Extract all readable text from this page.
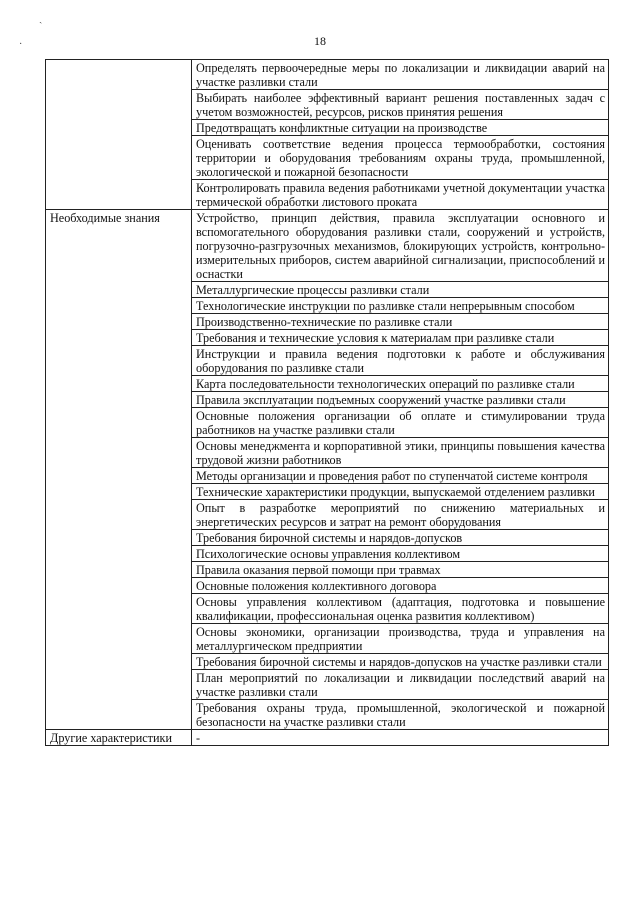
18
ˏ
·
	Определять первоочередные меры по локализации и ликвидации аварий на участке разливки стали
	Выбирать наиболее эффективный вариант решения поставленных задач с учетом возможностей, ресурсов, рисков принятия решения
	Предотвращать конфликтные ситуации на производстве
	Оценивать соответствие ведения процесса термообработки, состояния территории и оборудования требованиям охраны труда, промышленной, экологической и пожарной безопасности
	Контролировать правила ведения работниками учетной документации участка термической обработки листового проката
Необходимые знания	Устройство, принцип действия, правила эксплуатации основного и вспомогательного оборудования разливки стали, сооружений и устройств, погрузочно-разгрузочных механизмов, блокирующих устройств, контрольно-измерительных приборов, систем аварийной сигнализации, приспособлений и оснастки
	Металлургические процессы разливки стали
	Технологические инструкции по разливке стали непрерывным способом
	Производственно-технические по разливке стали
	Требования и технические условия к материалам при разливке стали
	Инструкции и правила ведения подготовки к работе и обслуживания оборудования по разливке стали
	Карта последовательности технологических операций по разливке стали
	Правила эксплуатации подъемных сооружений участке разливки стали
	Основные положения организации об оплате и стимулировании труда работников на участке разливки стали
	Основы менеджмента и корпоративной этики, принципы повышения качества трудовой жизни работников
	Методы организации и проведения работ по ступенчатой системе контроля
	Технические характеристики продукции, выпускаемой отделением разливки
	Опыт в разработке мероприятий по снижению материальных и энергетических ресурсов и затрат на ремонт оборудования
	Требования бирочной системы и нарядов-допусков
	Психологические основы управления коллективом
	Правила оказания первой помощи при травмах
	Основные положения коллективного договора
	Основы управления коллективом (адаптация, подготовка и повышение квалификации, профессиональная оценка развития коллективом)
	Основы экономики, организации производства, труда и управления на металлургическом предприятии
	Требования бирочной системы и нарядов-допусков на участке разливки стали
	План мероприятий по локализации и ликвидации последствий аварий на участке разливки стали
	Требования охраны труда, промышленной, экологической и пожарной безопасности на участке разливки стали
Другие характеристики	-
